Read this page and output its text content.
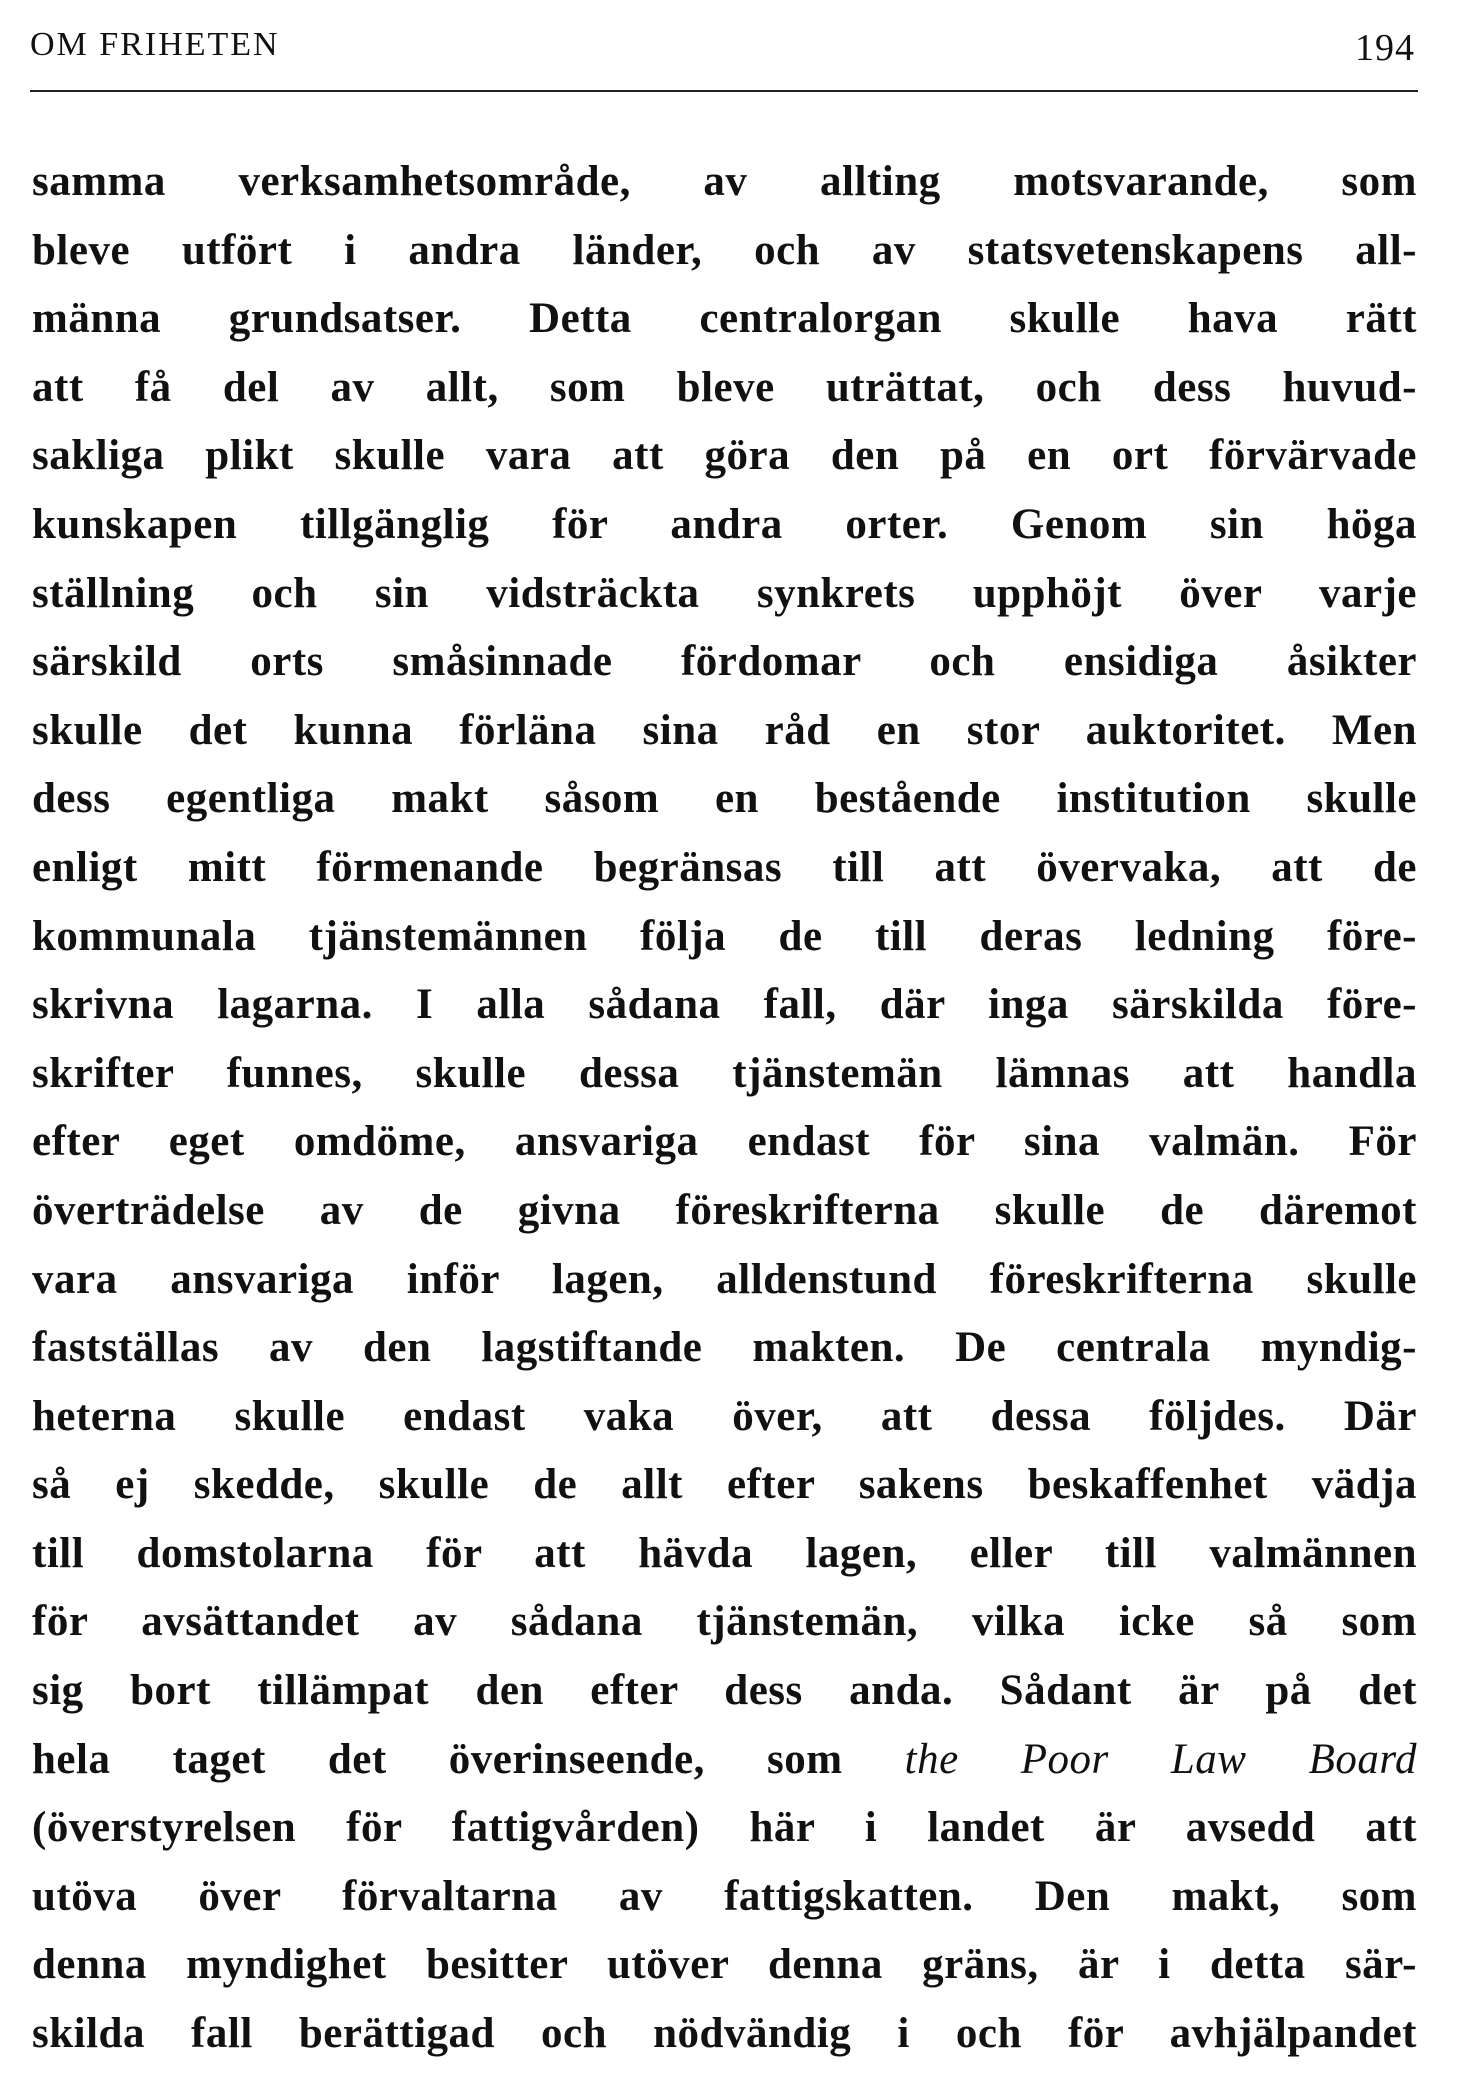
OM FRIHETEN	194
samma verksamhetsområde, av allting motsvarande, som
bleve utfört i andra länder, och av statsvetenskapens all-
männa grundsatser. Detta centralorgan skulle hava rätt
att få del av allt, som bleve uträttat, och dess huvud-
sakliga plikt skulle vara att göra den på en ort förvärvade
kunskapen tillgänglig för andra orter. Genom sin höga
ställning och sin vidsträckta synkrets upphöjt över varje
särskild orts småsinnade fördomar och ensidiga åsikter
skulle det kunna förläna sina råd en stor auktoritet. Men
dess egentliga makt såsom en bestående institution skulle
enligt mitt förmenande begränsas till att övervaka, att de
kommunala tjänstemännen följa de till deras ledning före-
skrivna lagarna. I alla sådana fall, där inga särskilda före-
skrifter funnes, skulle dessa tjänstemän lämnas att handla
efter eget omdöme, ansvariga endast för sina valmän. För
överträdelse av de givna föreskrifterna skulle de däremot
vara ansvariga inför lagen, alldenstund föreskrifterna skulle
fastställas av den lagstiftande makten. De centrala myndig-
heterna skulle endast vaka över, att dessa följdes. Där
så ej skedde, skulle de allt efter sakens beskaffenhet vädja
till domstolarna för att hävda lagen, eller till valmännen
för avsättandet av sådana tjänstemän, vilka icke så som
sig bort tillämpat den efter dess anda. Sådant är på det
hela taget det överinseende, som the Poor Law Board
(överstyrelsen för fattigvården) här i landet är avsedd att
utöva över förvaltarna av fattigskatten. Den makt, som
denna myndighet besitter utöver denna gräns, är i detta sär-
skilda fall berättigad och nödvändig i och för avhjälpandet
